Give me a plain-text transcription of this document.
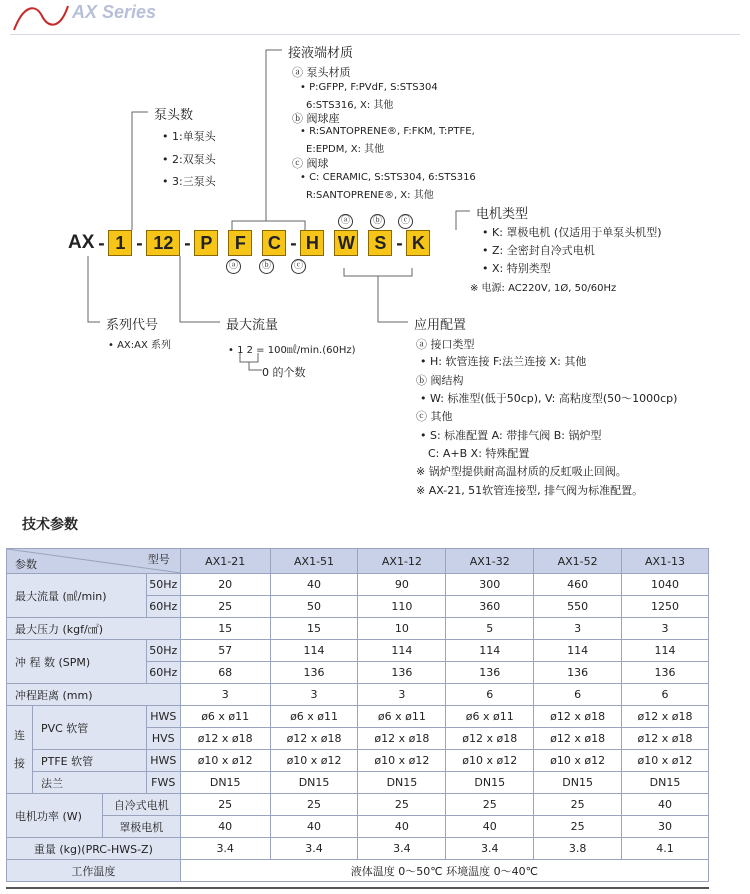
AX Series
泵头数
• 1:单泵头
• 2:双泵头
• 3:三泵头
接液端材质
ⓐ 泵头材质
• P:GFPP, F:PVdF, S:STS304
6:STS316, X: 其他
ⓑ 阀球座
• R:SANTOPRENE®, F:FKM, T:PTFE,
E:EPDM, X: 其他
ⓒ 阀球
• C: CERAMIC, S:STS304, 6:STS316
R:SANTOPRENE®, X: 其他
ⓐ	ⓑ	ⓒ
AX - 1 - 12 - P	F	C - H	W	S - K
ⓐ	ⓑ	ⓒ
电机类型
• K: 罩极电机 (仅适用于单泵头机型)
• Z: 全密封自冷式电机
• X: 特别类型
※ 电源: AC220V, 1Ø, 50/60Hz
系列代号
• AX:AX 系列
最大流量
• 1 2 = 100㎖/min.(60Hz)
0 的个数
应用配置
ⓐ 接口类型
• H: 软管连接 F:法兰连接 X: 其他
ⓑ 阀结构
• W: 标准型(低于50cp), V: 高粘度型(50～1000cp)
ⓒ 其他
• S: 标准配置 A: 带排气阀 B: 锅炉型
C: A+B X: 特殊配置
※ 锅炉型提供耐高温材质的反虹吸止回阀。
※ AX-21, 51软管连接型, 排气阀为标准配置。
技术参数
型号
参数				AX1-21	AX1-51	AX1-12	AX1-32	AX1-52	AX1-13
最大流量 (㎖/min)			50Hz	20	40	90	300	460	1040
			60Hz	25	50	110	360	550	1250
最大压力 (kgf/㎠)				15	15	10	5	3	3
冲 程 数 (SPM)			50Hz	57	114	114	114	114	114
			60Hz	68	136	136	136	136	136
冲程距离 (mm)				3	3	3	6	6	6

连
接	PVC 软管		HWS	ø6 x ø11	ø6 x ø11	ø6 x ø11	ø6 x ø11	ø12 x ø18	ø12 x ø18
			HVS	ø12 x ø18	ø12 x ø18	ø12 x ø18	ø12 x ø18	ø12 x ø18	ø12 x ø18
	PTFE 软管		HWS	ø10 x ø12	ø10 x ø12	ø10 x ø12	ø10 x ø12	ø10 x ø12	ø10 x ø12
	法兰		FWS	DN15	DN15	DN15	DN15	DN15	DN15
电机功率 (W)		自冷式电机		25	25	25	25	25	40
		罩极电机		40	40	40	40	25	30
重量 (kg)(PRC-HWS-Z)				3.4	3.4	3.4	3.4	3.8	4.1
工作温度				液体温度 0～50℃ 环境温度 0～40℃					
